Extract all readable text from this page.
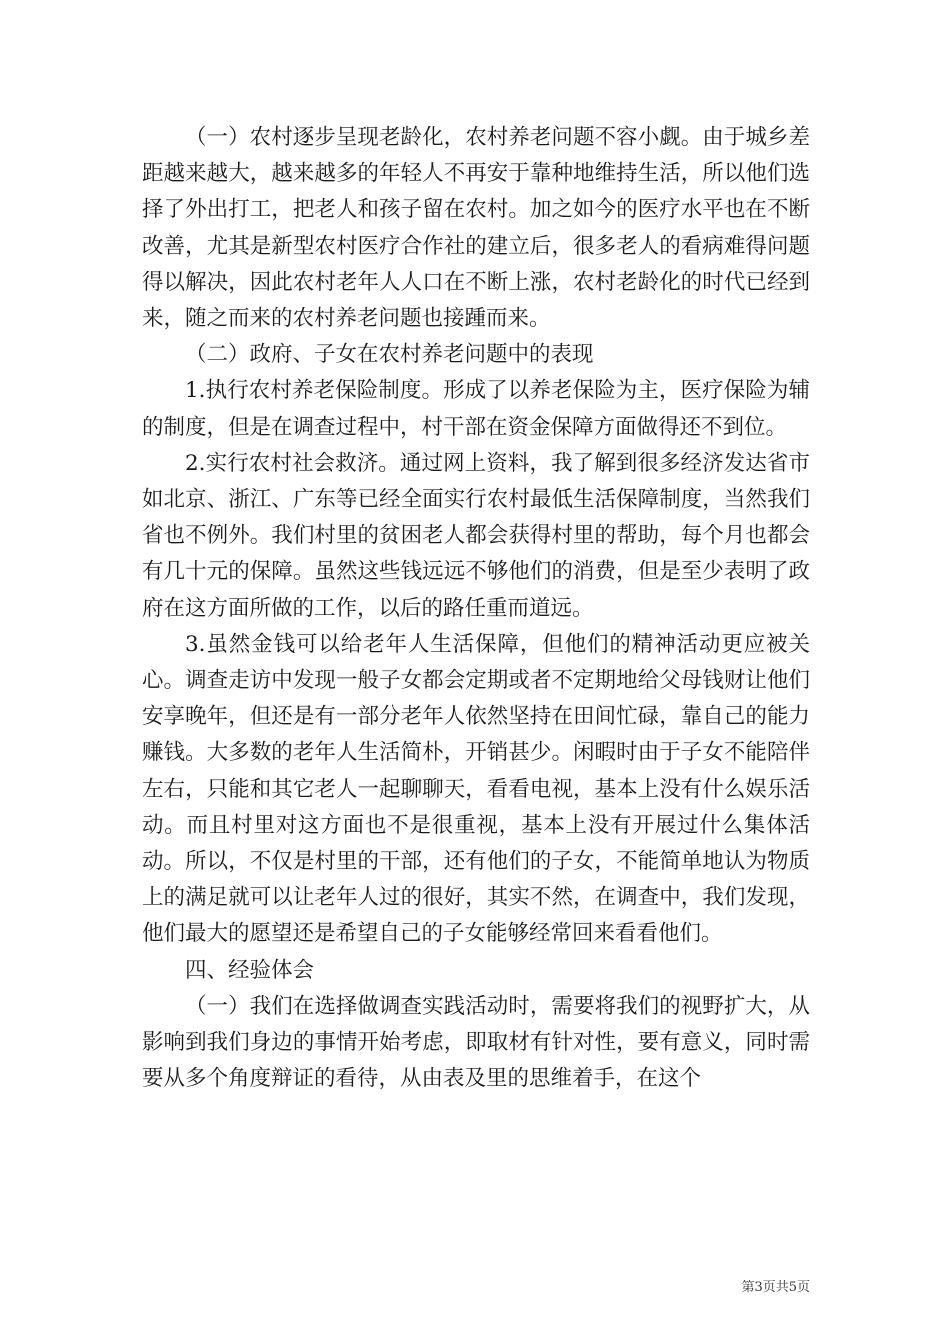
（一）农村逐步呈现老龄化，农村养老问题不容小觑。由于城乡差距越来越大，越来越多的年轻人不再安于靠种地维持生活，所以他们选择了外出打工，把老人和孩子留在农村。加之如今的医疗水平也在不断改善，尤其是新型农村医疗合作社的建立后，很多老人的看病难得问题得以解决，因此农村老年人人口在不断上涨，农村老龄化的时代已经到来，随之而来的农村养老问题也接踵而来。

（二）政府、子女在农村养老问题中的表现

1.执行农村养老保险制度。形成了以养老保险为主，医疗保险为辅的制度，但是在调查过程中，村干部在资金保障方面做得还不到位。

2.实行农村社会救济。通过网上资料，我了解到很多经济发达省市如北京、浙江、广东等已经全面实行农村最低生活保障制度，当然我们省也不例外。我们村里的贫困老人都会获得村里的帮助，每个月也都会有几十元的保障。虽然这些钱远远不够他们的消费，但是至少表明了政府在这方面所做的工作，以后的路任重而道远。

3.虽然金钱可以给老年人生活保障，但他们的精神活动更应被关心。调查走访中发现一般子女都会定期或者不定期地给父母钱财让他们安享晚年，但还是有一部分老年人依然坚持在田间忙碌，靠自己的能力赚钱。大多数的老年人生活简朴，开销甚少。闲暇时由于子女不能陪伴左右，只能和其它老人一起聊聊天，看看电视，基本上没有什么娱乐活动。而且村里对这方面也不是很重视，基本上没有开展过什么集体活动。所以，不仅是村里的干部，还有他们的子女，不能简单地认为物质上的满足就可以让老年人过的很好，其实不然，在调查中，我们发现，他们最大的愿望还是希望自己的子女能够经常回来看看他们。

四、经验体会

（一）我们在选择做调查实践活动时，需要将我们的视野扩大，从影响到我们身边的事情开始考虑，即取材有针对性，要有意义，同时需要从多个角度辩证的看待，从由表及里的思维着手，在这个

第3页共5页
